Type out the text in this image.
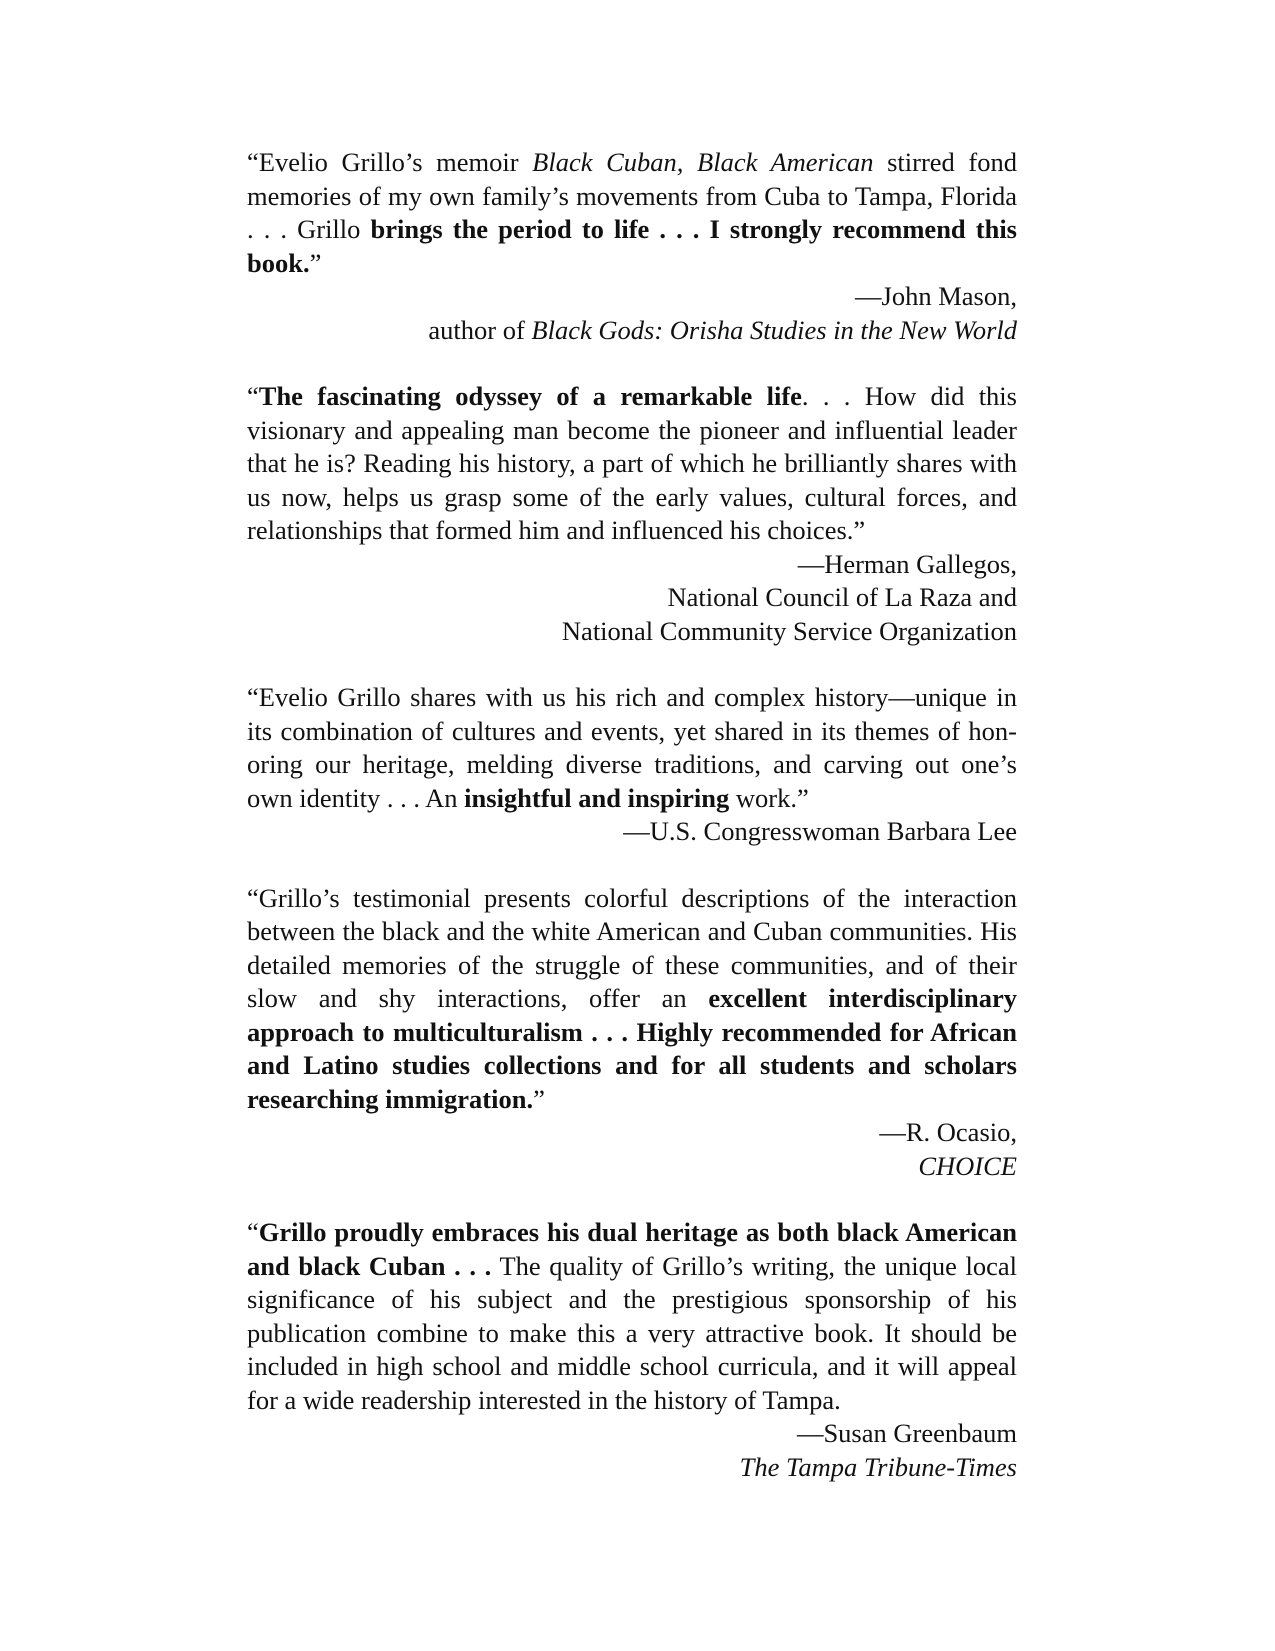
“Evelio Grillo’s memoir Black Cuban, Black American stirred fond memories of my own family’s movements from Cuba to Tampa, Florida . . . Grillo brings the period to life . . . I strongly recommend this book.”

—John Mason,
author of Black Gods: Orisha Studies in the New World

“The fascinating odyssey of a remarkable life. . . How did this visionary and appealing man become the pioneer and influential leader that he is? Reading his history, a part of which he brilliantly shares with us now, helps us grasp some of the early values, cultural forces, and relationships that formed him and influenced his choices.”

—Herman Gallegos,
National Council of La Raza and
National Community Service Organization

“Evelio Grillo shares with us his rich and complex history—unique in its combination of cultures and events, yet shared in its themes of honoring our heritage, melding diverse traditions, and carving out one’s own identity . . . An insightful and inspiring work.”

—U.S. Congresswoman Barbara Lee

“Grillo’s testimonial presents colorful descriptions of the interaction between the black and the white American and Cuban communities. His detailed memories of the struggle of these communities, and of their slow and shy interactions, offer an excellent interdisciplinary approach to multiculturalism . . . Highly recommended for African and Latino studies collections and for all students and scholars researching immigration.”

—R. Ocasio,
CHOICE

“Grillo proudly embraces his dual heritage as both black American and black Cuban . . . The quality of Grillo’s writing, the unique local significance of his subject and the prestigious sponsorship of his publication combine to make this a very attractive book. It should be included in high school and middle school curricula, and it will appeal for a wide readership interested in the history of Tampa.

—Susan Greenbaum
The Tampa Tribune-Times
